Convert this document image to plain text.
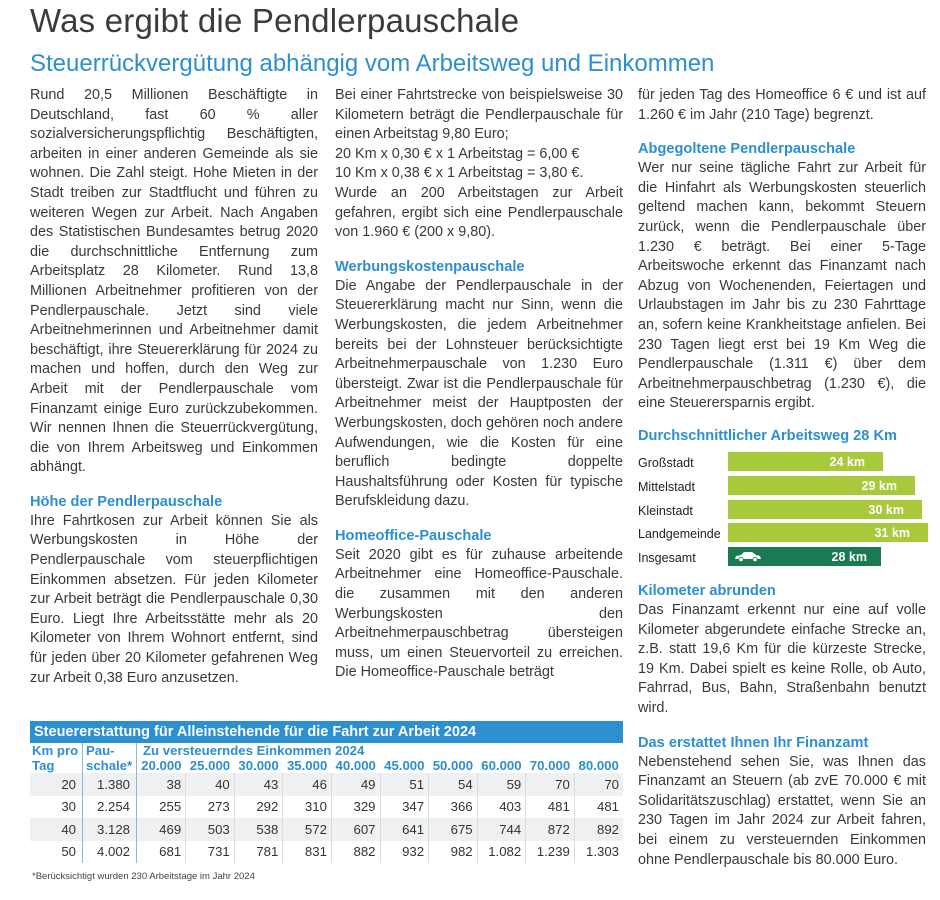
Was ergibt die Pendlerpauschale
Steuerrückvergütung abhängig vom Arbeitsweg und Einkommen

Rund 20,5 Millionen Beschäftigte in Deutschland, fast 60 % aller sozialversicherungspflichtig Beschäftigten, arbeiten in einer anderen Gemeinde als sie wohnen. Die Zahl steigt. Hohe Mieten in der Stadt treiben zur Stadtflucht und führen zu weiteren Wegen zur Arbeit. Nach Angaben des Statistischen Bundesamtes betrug 2020 die durchschnittliche Entfernung zum Arbeitsplatz 28 Kilometer. Rund 13,8 Millionen Arbeitnehmer profitieren von der Pendlerpauschale. Jetzt sind viele Arbeitnehmerinnen und Arbeitnehmer damit beschäftigt, ihre Steuererklärung für 2024 zu machen und hoffen, durch den Weg zur Arbeit mit der Pendlerpauschale vom Finanzamt einige Euro zurückzubekommen. Wir nennen Ihnen die Steuerrückvergütung, die von Ihrem Arbeitsweg und Einkommen abhängt.

Höhe der Pendlerpauschale

Ihre Fahrtkosen zur Arbeit können Sie als Werbungskosten in Höhe der Pendlerpauschale vom steuerpflichtigen Einkommen absetzen. Für jeden Kilometer zur Arbeit beträgt die Pendlerpauschale 0,30 Euro. Liegt Ihre Arbeitsstätte mehr als 20 Kilometer von Ihrem Wohnort entfernt, sind für jeden über 20 Kilometer gefahrenen Weg zur Arbeit 0,38 Euro anzusetzen.

Bei einer Fahrtstrecke von beispielsweise 30 Kilometern beträgt die Pendlerpauschale für einen Arbeitstag 9,80 Euro;

20 Km x 0,30 € x 1 Arbeitstag = 6,00 €

10 Km x 0,38 € x 1 Arbeitstag = 3,80 €.

Wurde an 200 Arbeitstagen zur Arbeit gefahren, ergibt sich eine Pendlerpauschale von 1.960 € (200 x 9,80).

Werbungskostenpauschale

Die Angabe der Pendlerpauschale in der Steuererklärung macht nur Sinn, wenn die Werbungskosten, die jedem Arbeitnehmer bereits bei der Lohnsteuer berücksichtigte Arbeitnehmerpauschale von 1.230 Euro übersteigt. Zwar ist die Pendlerpauschale für Arbeitnehmer meist der Hauptposten der Werbungskosten, doch gehören noch andere Aufwendungen, wie die Kosten für eine beruflich bedingte doppelte Haushaltsführung oder Kosten für typische Berufskleidung dazu.

Homeoffice-Pauschale

Seit 2020 gibt es für zuhause arbeitende Arbeitnehmer eine Homeoffice-Pauschale. die zusammen mit den anderen Werbungskosten den Arbeitnehmerpauschbetrag übersteigen muss, um einen Steuervorteil zu erreichen. Die Homeoffice-Pauschale beträgt

für jeden Tag des Homeoffice 6 € und ist auf 1.260 € im Jahr (210 Tage) begrenzt.

Abgegoltene Pendlerpauschale

Wer nur seine tägliche Fahrt zur Arbeit für die Hinfahrt als Werbungskosten steuerlich geltend machen kann, bekommt Steuern zurück, wenn die Pendlerpauschale über 1.230 € beträgt. Bei einer 5-Tage Arbeitswoche erkennt das Finanzamt nach Abzug von Wochenenden, Feiertagen und Urlaubstagen im Jahr bis zu 230 Fahrttage an, sofern keine Krankheitstage anfielen. Bei 230 Tagen liegt erst bei 19 Km Weg die Pendlerpauschale (1.311 €) über dem Arbeitnehmerpauschbetrag (1.230 €), die eine Steuerersparnis ergibt.

Durchschnittlicher Arbeitsweg 28 Km
Großstadt	24 km
Mittelstadt	29 km
Kleinstadt	30 km
Landgemeinde	31 km
Insgesamt	28 km
Kilometer abrunden

Das Finanzamt erkennt nur eine auf volle Kilometer abgerundete einfache Strecke an, z.B. statt 19,6 Km für die kürzeste Strecke, 19 Km. Dabei spielt es keine Rolle, ob Auto, Fahrrad, Bus, Bahn, Straßenbahn benutzt wird.

Das erstattet Ihnen Ihr Finanzamt

Nebenstehend sehen Sie, was Ihnen das Finanzamt an Steuern (ab zvE 70.000 € mit Solidaritätszuschlag) erstattet, wenn Sie an 230 Tagen im Jahr 2024 zur Arbeit fahren, bei einem zu versteuernden Einkommen ohne Pendlerpauschale bis 80.000 Euro.

Steuererstattung für Alleinstehende für die Fahrt zur Arbeit 2024
Km pro	Pau-	Zu versteuerndes Einkommen 2024									
Tag	schale*	20.000	25.000	30.000	35.000	40.000	45.000	50.000	60.000	70.000	80.000
20	1.380	38	40	43	46	49	51	54	59	70	70
30	2.254	255	273	292	310	329	347	366	403	481	481
40	3.128	469	503	538	572	607	641	675	744	872	892
50	4.002	681	731	781	831	882	932	982	1.082	1.239	1.303
*Berücksichtigt wurden 230 Arbeitstage im Jahr 2024
